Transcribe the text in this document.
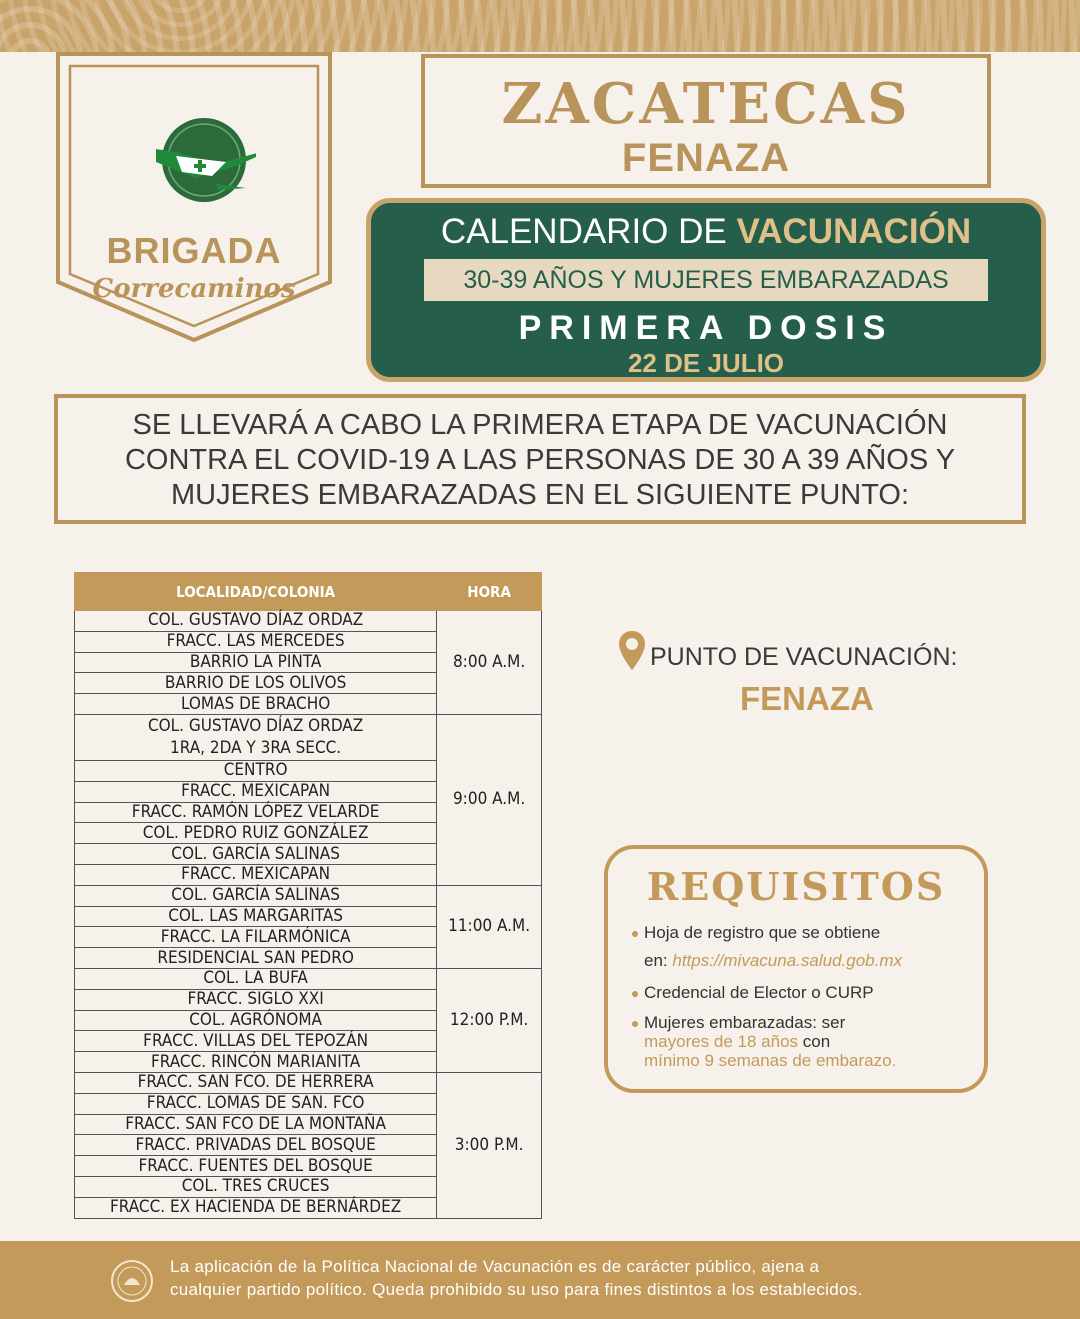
BRIGADA
Correcaminos
ZACATECAS
FENAZA
CALENDARIO DE VACUNACIÓN
30-39 AÑOS Y MUJERES EMBARAZADAS
PRIMERA DOSIS
22 DE JULIO
SE LLEVARÁ A CABO LA PRIMERA ETAPA DE VACUNACIÓN
CONTRA EL COVID-19 A LAS PERSONAS DE 30 A 39 AÑOS Y
MUJERES EMBARAZADAS EN EL SIGUIENTE PUNTO:
LOCALIDAD/COLONIA	HORA
COL. GUSTAVO DÍAZ ORDAZ	8:00 A.M.
FRACC. LAS MERCEDES	
BARRIO LA PINTA	
BARRIO DE LOS OLIVOS	
LOMAS DE BRACHO	
COL. GUSTAVO DÍAZ ORDAZ
1RA, 2DA Y 3RA SECC.	9:00 A.M.
CENTRO	
FRACC. MEXICAPAN	
FRACC. RAMÓN LÓPEZ VELARDE	
COL. PEDRO RUIZ GONZÁLEZ	
COL. GARCÍA SALINAS	
FRACC. MEXICAPAN	
COL. GARCÍA SALINAS	11:00 A.M.
COL. LAS MARGARITAS	
FRACC. LA FILARMÓNICA	
RESIDENCIAL SAN PEDRO	
COL. LA BUFA	12:00 P.M.
FRACC. SIGLO XXI	
COL. AGRÓNOMA	
FRACC. VILLAS DEL TEPOZÁN	
FRACC. RINCÓN MARIANITA	
FRACC. SAN FCO. DE HERRERA	3:00 P.M.
FRACC. LOMAS DE SAN. FCO	
FRACC. SAN FCO DE LA MONTAÑA	
FRACC. PRIVADAS DEL BOSQUE	
FRACC. FUENTES DEL BOSQUE	
COL. TRES CRUCES	
FRACC. EX HACIENDA DE BERNÁRDEZ	
PUNTO DE VACUNACIÓN:
FENAZA
REQUISITOS
Hoja de registro que se obtiene
en: https://mivacuna.salud.gob.mx
Credencial de Elector o CURP
Mujeres embarazadas: ser
mayores de 18 años con
mínimo 9 semanas de embarazo.
La aplicación de la Política Nacional de Vacunación es de carácter público, ajena a
cualquier partido político. Queda prohibido su uso para fines distintos a los establecidos.
